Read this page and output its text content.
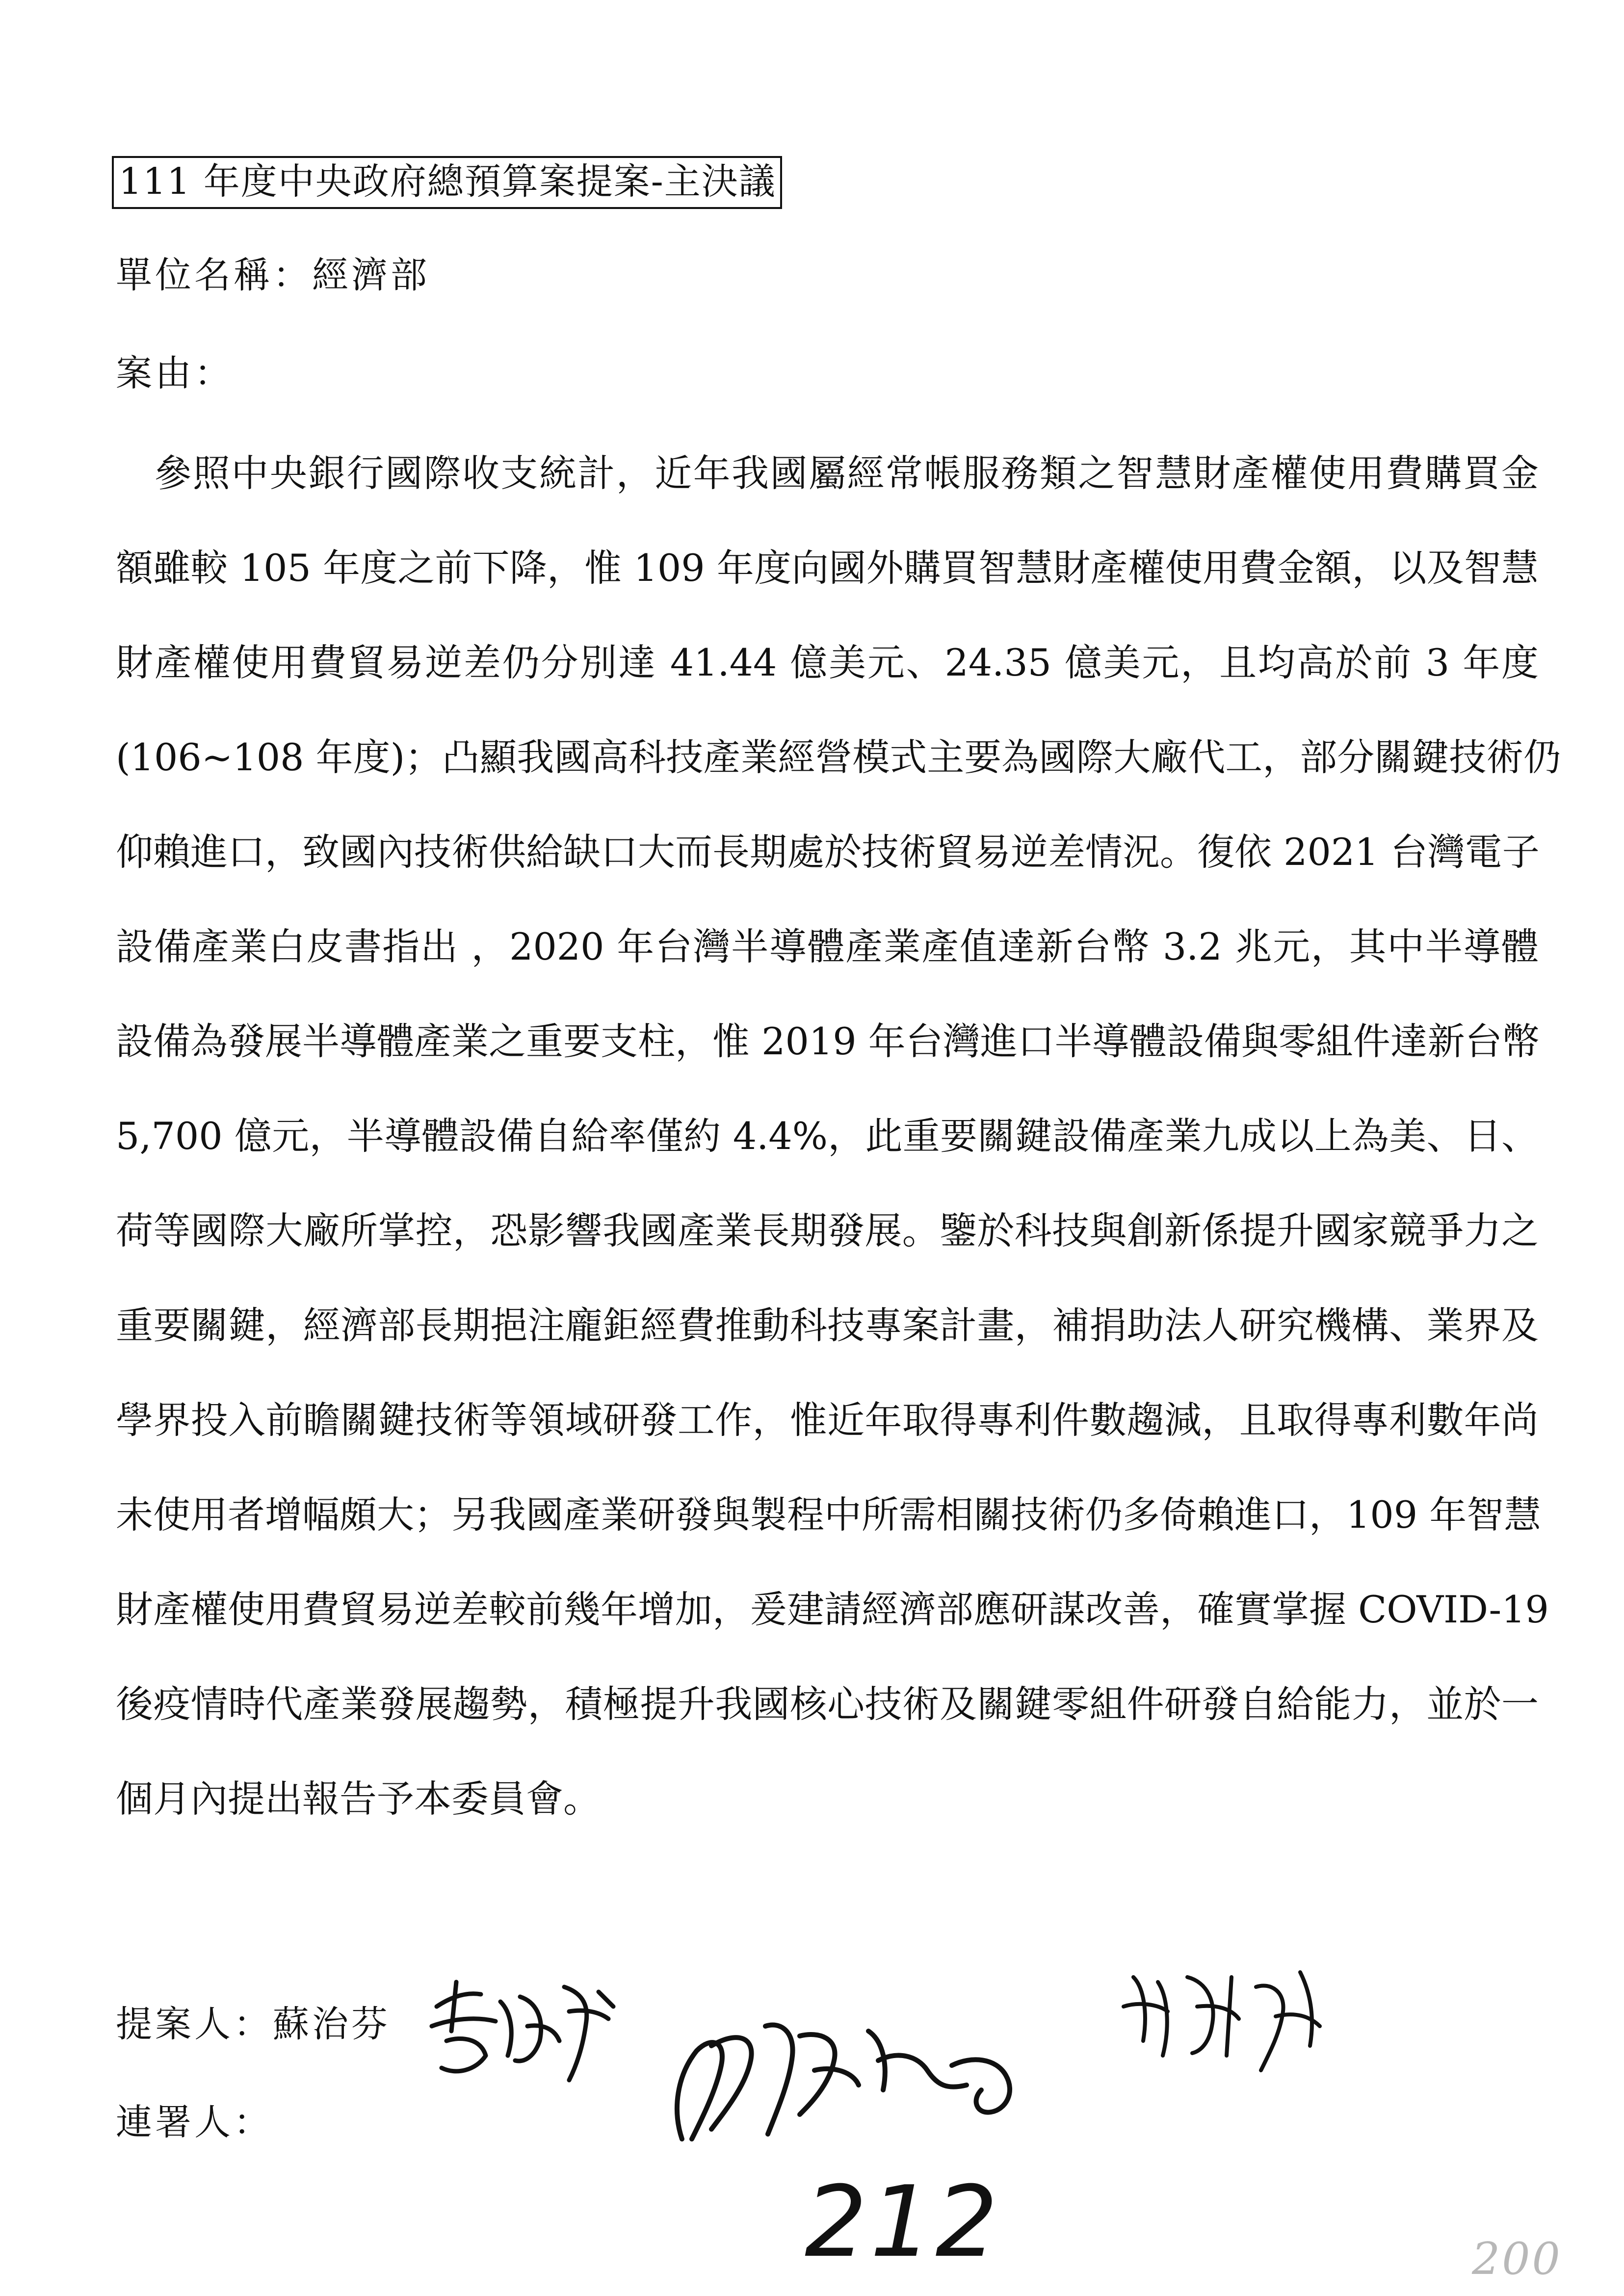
111 年度中央政府總預算案提案-主決議
單位名稱：經濟部
案由：
　參照中央銀行國際收支統計，近年我國屬經常帳服務類之智慧財產權使用費購買金
額雖較 105 年度之前下降，惟 109 年度向國外購買智慧財產權使用費金額，以及智慧
財產權使用費貿易逆差仍分別達 41.44 億美元、24.35 億美元，且均高於前 3 年度
(106~108 年度)；凸顯我國高科技產業經營模式主要為國際大廠代工，部分關鍵技術仍
仰賴進口，致國內技術供給缺口大而長期處於技術貿易逆差情況。復依 2021 台灣電子
設備產業白皮書指出 ，2020 年台灣半導體產業產值達新台幣 3.2 兆元，其中半導體
設備為發展半導體產業之重要支柱，惟 2019 年台灣進口半導體設備與零組件達新台幣
5,700 億元，半導體設備自給率僅約 4.4%，此重要關鍵設備產業九成以上為美、日、
荷等國際大廠所掌控，恐影響我國產業長期發展。鑒於科技與創新係提升國家競爭力之
重要關鍵，經濟部長期挹注龐鉅經費推動科技專案計畫，補捐助法人研究機構、業界及
學界投入前瞻關鍵技術等領域研發工作，惟近年取得專利件數趨減，且取得專利數年尚
未使用者增幅頗大；另我國產業研發與製程中所需相關技術仍多倚賴進口，109 年智慧
財產權使用費貿易逆差較前幾年增加，爰建請經濟部應研謀改善，確實掌握 COVID-19
後疫情時代產業發展趨勢，積極提升我國核心技術及關鍵零組件研發自給能力，並於一
個月內提出報告予本委員會。
提案人：蘇治芬
連署人：
212	200
